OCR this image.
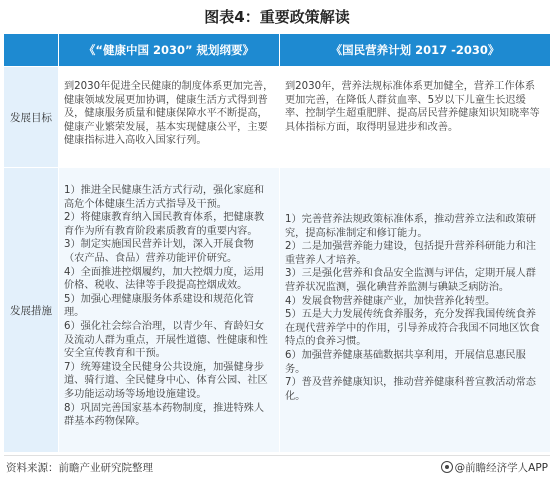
图表4：重要政策解读
《“健康中国 2030” 规划纲要》	《国民营养计划 2017 -2030》
发展目标
到2030年促进全民健康的制度体系更加完善，健康领域发展更加协调，健康生活方式得到普及，健康服务质量和健康保障水平不断提高，健康产业繁荣发展，基本实现健康公平，主要健康指标进入高收入国家行列。
到2030年，营养法规标准体系更加健全，营养工作体系更加完善，在降低人群贫血率、5岁以下儿童生长迟缓率、控制学生超重肥胖、提高居民营养健康知识知晓率等具体指标方面，取得明显进步和改善。
发展措施
1）推进全民健康生活方式行动，强化家庭和高危个体健康生活方式指导及干预。
2）将健康教育纳入国民教育体系，把健康教育作为所有教育阶段素质教育的重要内容。
3）制定实施国民营养计划，深入开展食物（农产品、食品）营养功能评价研究。
4）全面推进控烟履约，加大控烟力度，运用价格、税收、法律等手段提高控烟成效。
5）加强心理健康服务体系建设和规范化管理。
6）强化社会综合治理，以青少年、育龄妇女及流动人群为重点，开展性道德、性健康和性安全宣传教育和干预。
7）统筹建设全民健身公共设施，加强健身步道、骑行道、全民健身中心、体育公园、社区多功能运动场等场地设施建设。
8）巩固完善国家基本药物制度，推进特殊人群基本药物保障。
1）完善营养法规政策标准体系，推动营养立法和政策研究，提高标准制定和修订能力。
2）二是加强营养能力建设，包括提升营养科研能力和注重营养人才培养。
3）三是强化营养和食品安全监测与评估，定期开展人群营养状况监测，强化碘营养监测与碘缺乏病防治。
4）发展食物营养健康产业，加快营养化转型。
5）五是大力发展传统食养服务，充分发挥我国传统食养在现代营养学中的作用，引导养成符合我国不同地区饮食特点的食养习惯。
6）加强营养健康基础数据共享利用，开展信息惠民服务。
7）普及营养健康知识，推动营养健康科普宣教活动常态化。
资料来源：前瞻产业研究院整理	@前瞻经济学人APP
